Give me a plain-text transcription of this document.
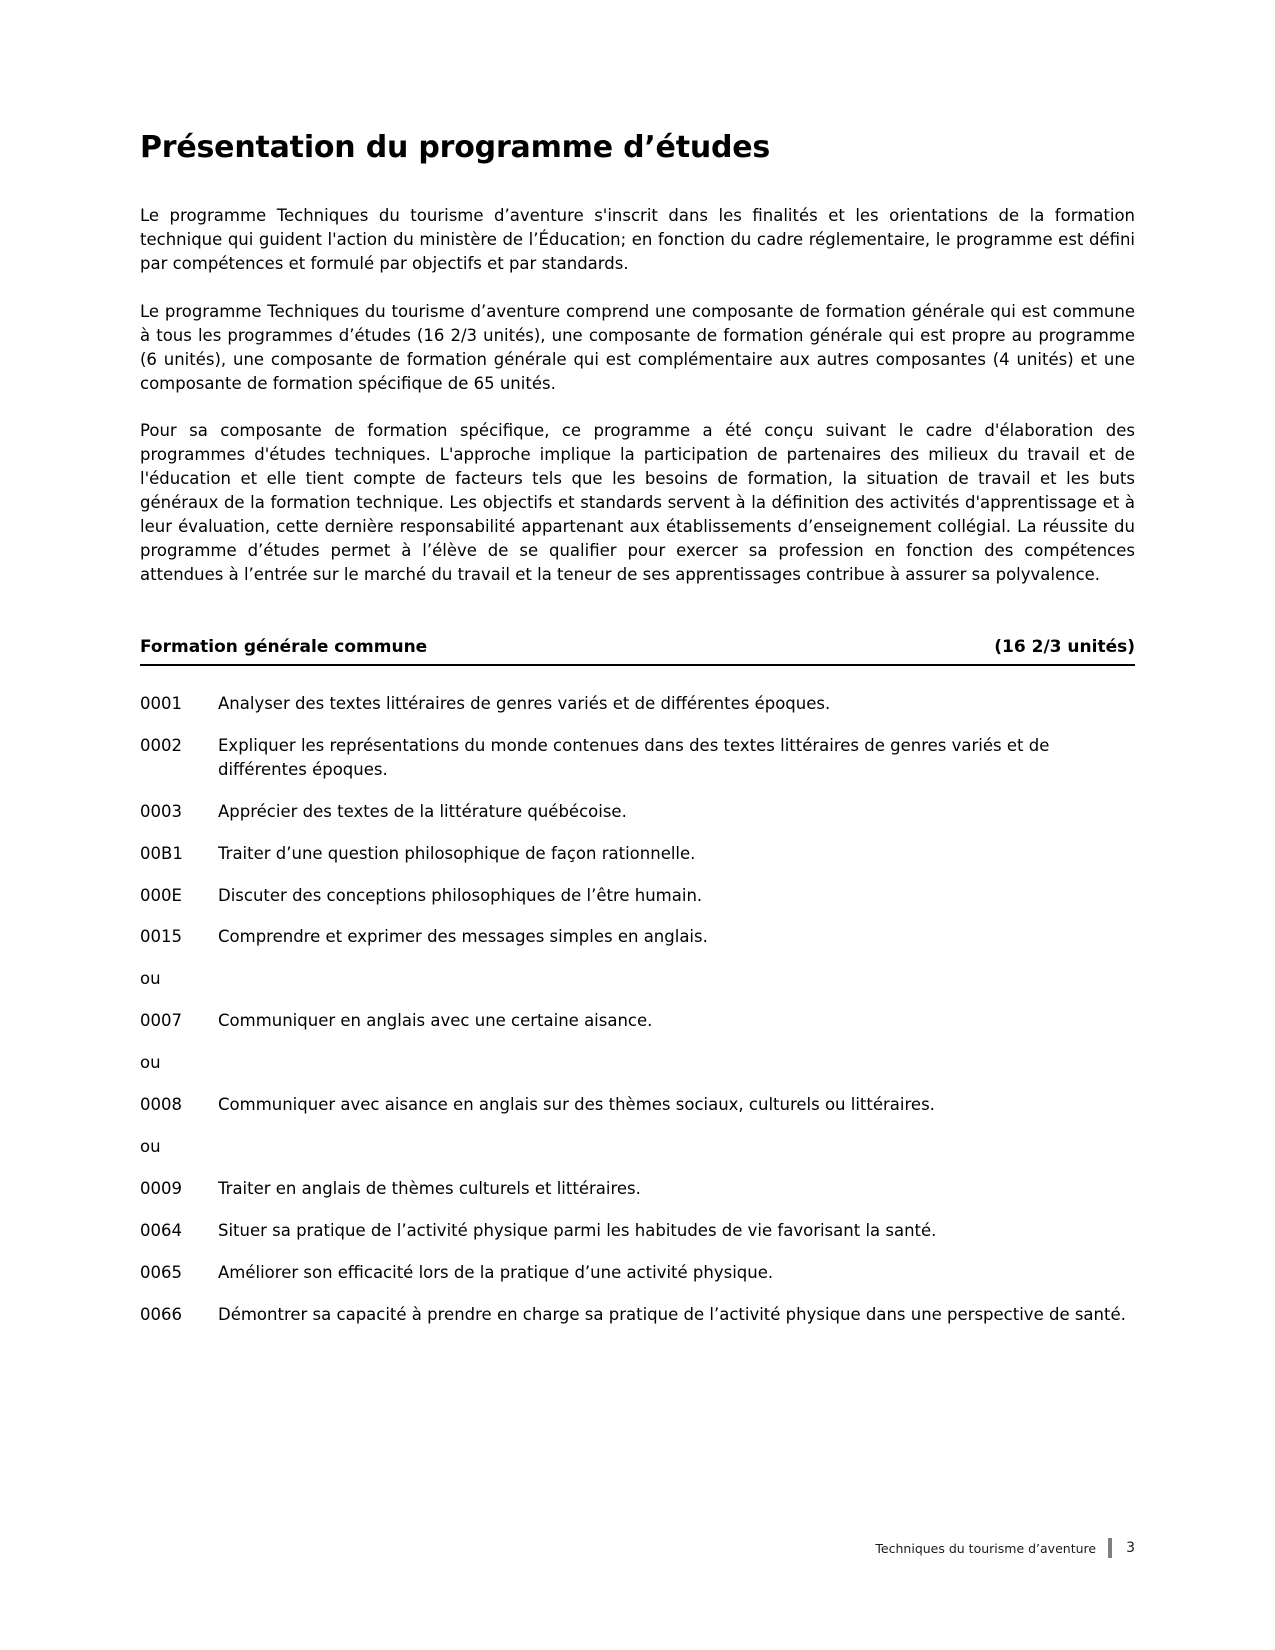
Présentation du programme d’études

Le programme Techniques du tourisme d’aventure s'inscrit dans les finalités et les orientations de la formation technique qui guident l'action du ministère de l’Éducation; en fonction du cadre réglementaire, le programme est défini par compétences et formulé par objectifs et par standards.

Le programme Techniques du tourisme d’aventure comprend une composante de formation générale qui est commune à tous les programmes d’études (16 2/3 unités), une composante de formation générale qui est propre au programme (6 unités), une composante de formation générale qui est complémentaire aux autres composantes (4 unités) et une composante de formation spécifique de 65 unités.

Pour sa composante de formation spécifique, ce programme a été conçu suivant le cadre d'élaboration des programmes d'études techniques. L'approche implique la participation de partenaires des milieux du travail et de l'éducation et elle tient compte de facteurs tels que les besoins de formation, la situation de travail et les buts généraux de la formation technique. Les objectifs et standards servent à la définition des activités d'apprentissage et à leur évaluation, cette dernière responsabilité appartenant aux établissements d’enseignement collégial. La réussite du programme d’études permet à l’élève de se qualifier pour exercer sa profession en fonction des compétences attendues à l’entrée sur le marché du travail et la teneur de ses apprentissages contribue à assurer sa polyvalence.

Formation générale commune	(16 2/3 unités)
0001	Analyser des textes littéraires de genres variés et de différentes époques.
0002	Expliquer les représentations du monde contenues dans des textes littéraires de genres variés et de différentes époques.
0003	Apprécier des textes de la littérature québécoise.
00B1	Traiter d’une question philosophique de façon rationnelle.
000E	Discuter des conceptions philosophiques de l’être humain.
0015	Comprendre et exprimer des messages simples en anglais.
ou
0007	Communiquer en anglais avec une certaine aisance.
ou
0008	Communiquer avec aisance en anglais sur des thèmes sociaux, culturels ou littéraires.
ou
0009	Traiter en anglais de thèmes culturels et littéraires.
0064	Situer sa pratique de l’activité physique parmi les habitudes de vie favorisant la santé.
0065	Améliorer son efficacité lors de la pratique d’une activité physique.
0066	Démontrer sa capacité à prendre en charge sa pratique de l’activité physique dans une perspective de santé.
Techniques du tourisme d’aventure 3
